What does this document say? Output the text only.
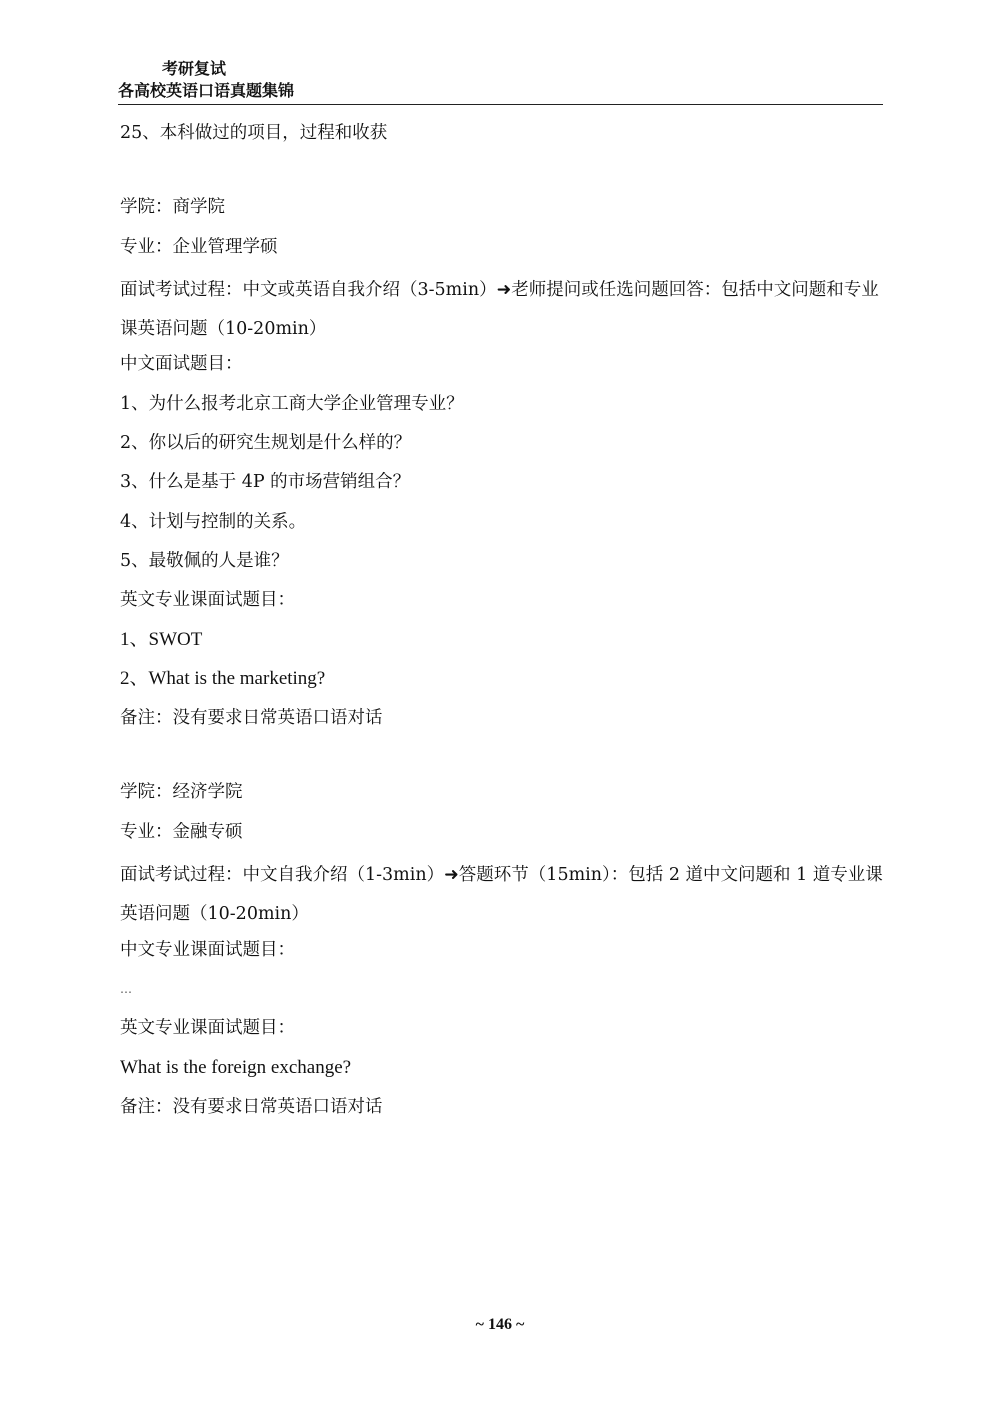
考研复试
各高校英语口语真题集锦
25、本科做过的项目，过程和收获
学院：商学院
专业：企业管理学硕
面试考试过程：中文或英语自我介绍（3-5min）➜老师提问或任选问题回答：包括中文问题和专业课英语问题（10-20min）
中文面试题目：
1、为什么报考北京工商大学企业管理专业？
2、你以后的研究生规划是什么样的？
3、什么是基于 4P 的市场营销组合？
4、计划与控制的关系。
5、最敬佩的人是谁？
英文专业课面试题目：
1、SWOT
2、What is the marketing?
备注：没有要求日常英语口语对话
学院：经济学院
专业：金融专硕
面试考试过程：中文自我介绍（1-3min）➜答题环节（15min）：包括 2 道中文问题和 1 道专业课英语问题（10-20min）
中文专业课面试题目：
…
英文专业课面试题目：
What is the foreign exchange?
备注：没有要求日常英语口语对话
~ 146 ~
